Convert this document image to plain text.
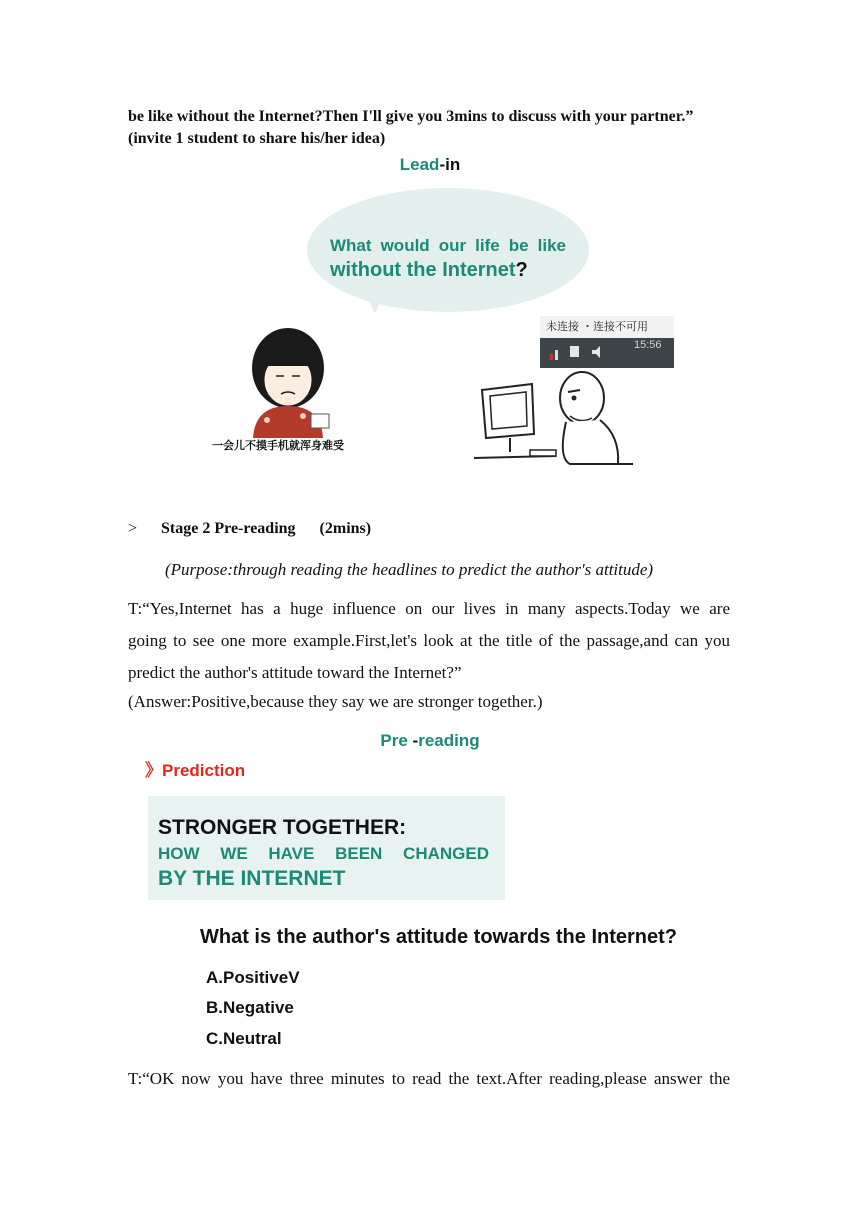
be like without the Internet?Then I'll give you 3mins to discuss with your partner.”
(invite 1 student to share his/her idea)
Lead-in
What would our life be like
without the Internet?
一会儿不摸手机就浑身难受
未连接 ・连接不可用
15:56
> Stage 2 Pre-reading (2mins)
(Purpose:through reading the headlines to predict the author's attitude)
T:“Yes,Internet has a huge influence on our lives in many aspects.Today we are
going to see one more example.First,let's look at the title of the passage,and can you
predict the author's attitude toward the Internet?”
(Answer:Positive,because they say we are stronger together.)
Pre -reading
》Prediction
STRONGER TOGETHER:
HOW WE HAVE BEEN CHANGED
BY THE INTERNET
What is the author's attitude towards the Internet?
A.PositiveV
B.Negative
C.Neutral
T:“OK now you have three minutes to read the text.After reading,please answer the
